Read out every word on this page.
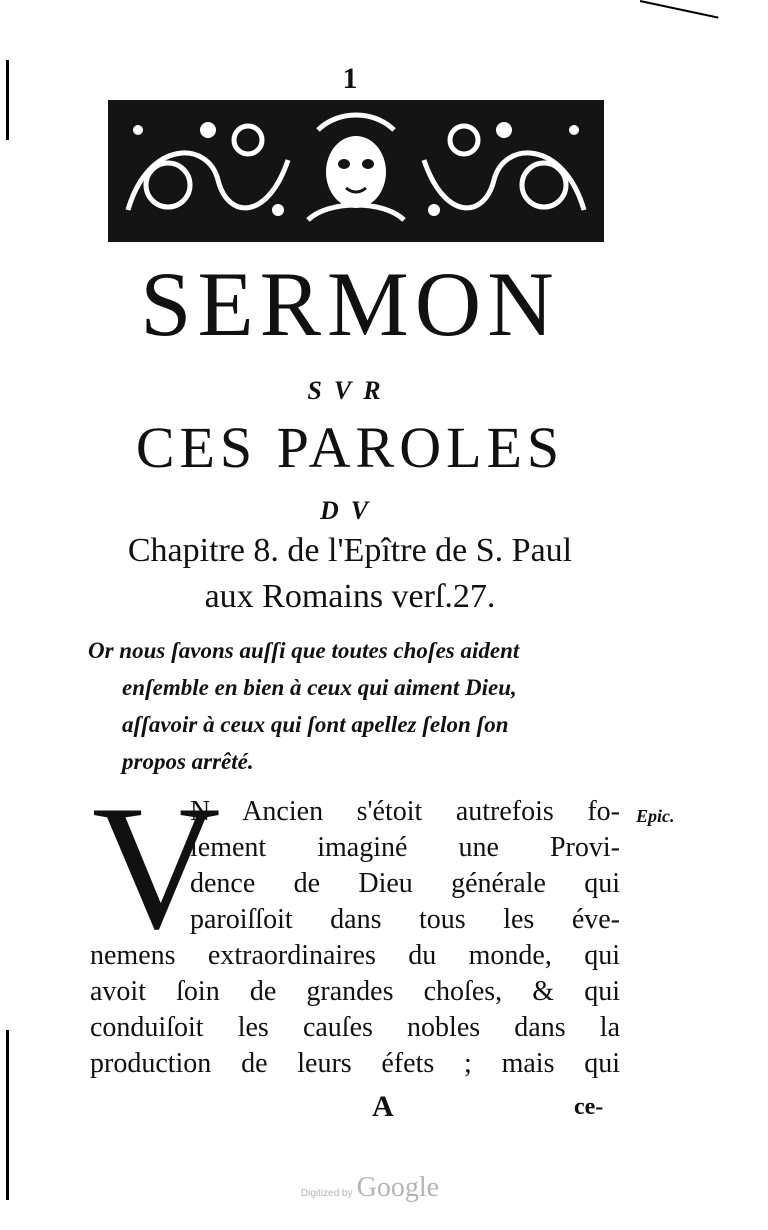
1
SERMON
SVR
CES PAROLES
DV
Chapitre 8. de l'Epître de S. Paul
aux Romains verſ.27.

Or nous ſavons auſſi que toutes choſes aident

enſemble en bien à ceux qui aiment Dieu,

aſſavoir à ceux qui ſont apellez ſelon ſon

propos arrêté.

V
N Ancien s'étoit autrefois fo-
lement imaginé une Provi-
dence de Dieu générale qui
paroiſſoit dans tous les éve-
nemens extraordinaires du monde, qui
avoit ſoin de grandes choſes, & qui
conduiſoit les cauſes nobles dans la
production de leurs éfets ; mais qui
Epic.
A	ce-
Digitized by Google
